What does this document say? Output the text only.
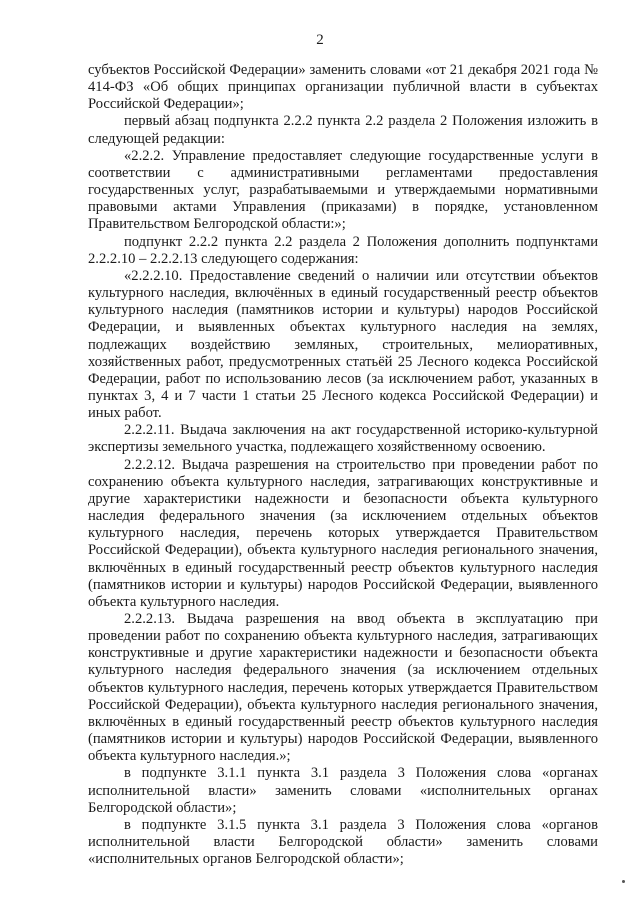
2

субъектов Российской Федерации» заменить словами «от 21 декабря 2021 года № 414-ФЗ «Об общих принципах организации публичной власти в субъектах Российской Федерации»;

первый абзац подпункта 2.2.2 пункта 2.2 раздела 2 Положения изложить в следующей редакции:

«2.2.2. Управление предоставляет следующие государственные услуги в соответствии с административными регламентами предоставления государственных услуг, разрабатываемыми и утверждаемыми нормативными правовыми актами Управления (приказами) в порядке, установленном Правительством Белгородской области:»;

подпункт 2.2.2 пункта 2.2 раздела 2 Положения дополнить подпунктами 2.2.2.10 – 2.2.2.13 следующего содержания:

«2.2.2.10. Предоставление сведений о наличии или отсутствии объектов культурного наследия, включённых в единый государственный реестр объектов культурного наследия (памятников истории и культуры) народов Российской Федерации, и выявленных объектах культурного наследия на землях, подлежащих воздействию земляных, строительных, мелиоративных, хозяйственных работ, предусмотренных статьёй 25 Лесного кодекса Российской Федерации, работ по использованию лесов (за исключением работ, указанных в пунктах 3, 4 и 7 части 1 статьи 25 Лесного кодекса Российской Федерации) и иных работ.

2.2.2.11. Выдача заключения на акт государственной историко-культурной экспертизы земельного участка, подлежащего хозяйственному освоению.

2.2.2.12. Выдача разрешения на строительство при проведении работ по сохранению объекта культурного наследия, затрагивающих конструктивные и другие характеристики надежности и безопасности объекта культурного наследия федерального значения (за исключением отдельных объектов культурного наследия, перечень которых утверждается Правительством Российской Федерации), объекта культурного наследия регионального значения, включённых в единый государственный реестр объектов культурного наследия (памятников истории и культуры) народов Российской Федерации, выявленного объекта культурного наследия.

2.2.2.13. Выдача разрешения на ввод объекта в эксплуатацию при проведении работ по сохранению объекта культурного наследия, затрагивающих конструктивные и другие характеристики надежности и безопасности объекта культурного наследия федерального значения (за исключением отдельных объектов культурного наследия, перечень которых утверждается Правительством Российской Федерации), объекта культурного наследия регионального значения, включённых в единый государственный реестр объектов культурного наследия (памятников истории и культуры) народов Российской Федерации, выявленного объекта культурного наследия.»;

в подпункте 3.1.1 пункта 3.1 раздела 3 Положения слова «органах исполнительной власти» заменить словами «исполнительных органах Белгородской области»;

в подпункте 3.1.5 пункта 3.1 раздела 3 Положения слова «органов исполнительной власти Белгородской области» заменить словами «исполнительных органов Белгородской области»;
